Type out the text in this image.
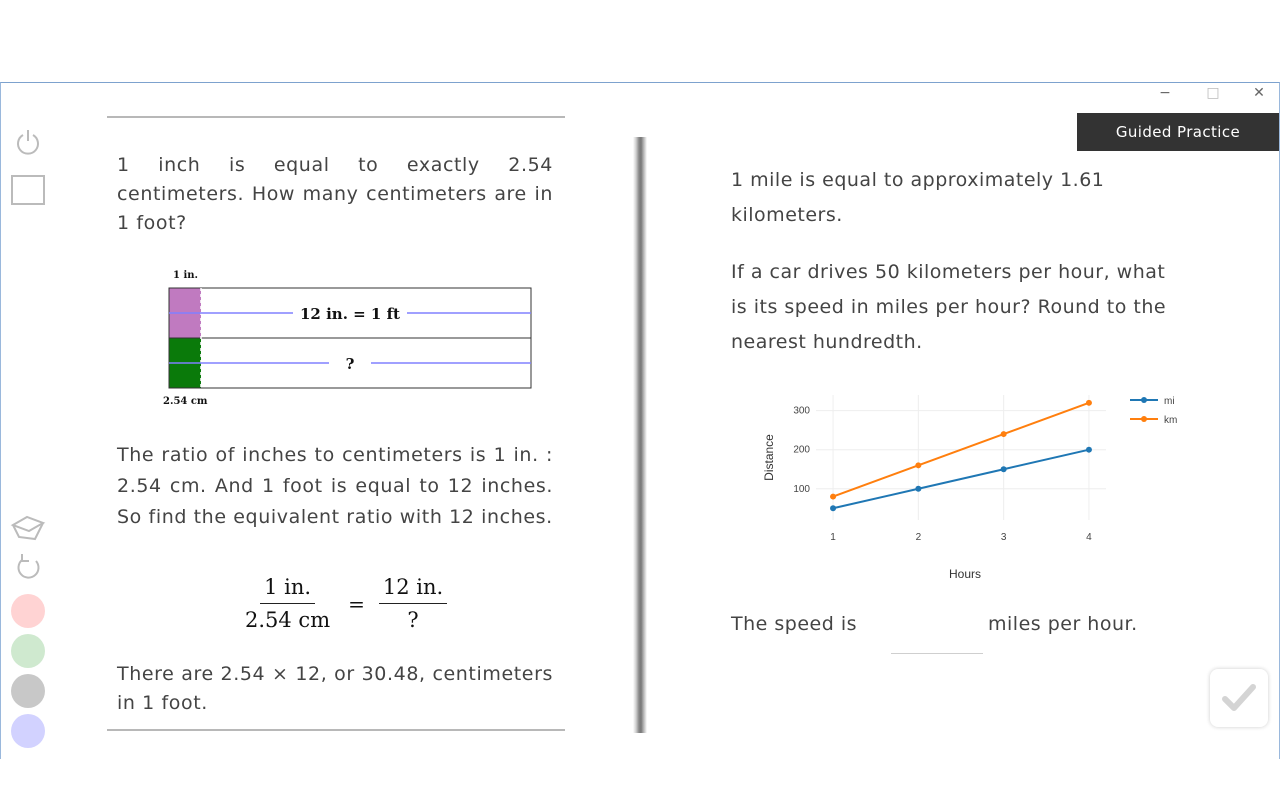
−	□	✕
Guided Practice
1 inch is equal to exactly 2.54 centimeters. How many centimeters are in 1 foot?
1 in.
12 in. = 1 ft
?
2.54 cm
The ratio of inches to centimeters is 1 in. : 2.54 cm. And 1 foot is equal to 12 inches. So find the equivalent ratio with 12 inches.
$\frac{1 in.}{2.54 cm} = \frac{12 in.}{?}$
There are 2.54 × 12, or 30.48, centimeters in 1 foot.
1 mile is equal to approximately 1.61 kilometers.
If a car drives 50 kilometers per hour, what is its speed in miles per hour? Round to the nearest hundredth.
100
200
300
1	2	3	4
Hours
Distance
mi
km
The speed is	miles per hour.
